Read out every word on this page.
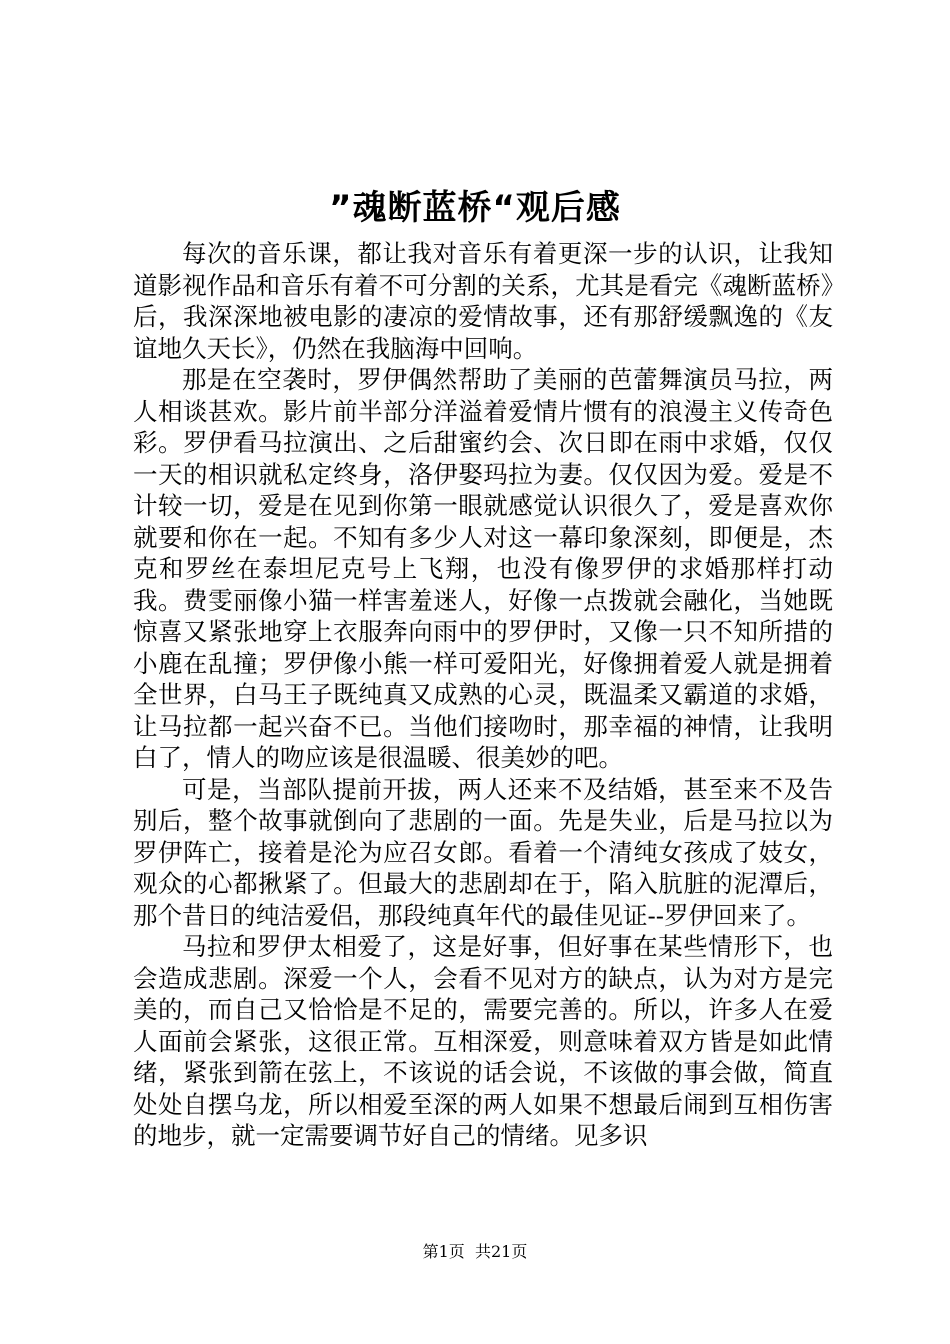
”魂断蓝桥“观后感

每次的音乐课，都让我对音乐有着更深一步的认识，让我知道影视作品和音乐有着不可分割的关系，尤其是看完《魂断蓝桥》后，我深深地被电影的凄凉的爱情故事，还有那舒缓飘逸的《友谊地久天长》，仍然在我脑海中回响。

那是在空袭时，罗伊偶然帮助了美丽的芭蕾舞演员马拉，两人相谈甚欢。影片前半部分洋溢着爱情片惯有的浪漫主义传奇色彩。罗伊看马拉演出、之后甜蜜约会、次日即在雨中求婚，仅仅一天的相识就私定终身，洛伊娶玛拉为妻。仅仅因为爱。爱是不计较一切，爱是在见到你第一眼就感觉认识很久了，爱是喜欢你就要和你在一起。不知有多少人对这一幕印象深刻，即便是，杰克和罗丝在泰坦尼克号上飞翔，也没有像罗伊的求婚那样打动我。费雯丽像小猫一样害羞迷人，好像一点拨就会融化，当她既惊喜又紧张地穿上衣服奔向雨中的罗伊时，又像一只不知所措的小鹿在乱撞；罗伊像小熊一样可爱阳光，好像拥着爱人就是拥着全世界，白马王子既纯真又成熟的心灵，既温柔又霸道的求婚，让马拉都一起兴奋不已。当他们接吻时，那幸福的神情，让我明白了，情人的吻应该是很温暖、很美妙的吧。

可是，当部队提前开拔，两人还来不及结婚，甚至来不及告别后，整个故事就倒向了悲剧的一面。先是失业，后是马拉以为罗伊阵亡，接着是沦为应召女郎。看着一个清纯女孩成了妓女，观众的心都揪紧了。但最大的悲剧却在于，陷入肮脏的泥潭后，那个昔日的纯洁爱侣，那段纯真年代的最佳见证--罗伊回来了。

马拉和罗伊太相爱了，这是好事，但好事在某些情形下，也会造成悲剧。深爱一个人，会看不见对方的缺点，认为对方是完美的，而自己又恰恰是不足的，需要完善的。所以，许多人在爱人面前会紧张，这很正常。互相深爱，则意味着双方皆是如此情绪，紧张到箭在弦上，不该说的话会说，不该做的事会做，简直处处自摆乌龙，所以相爱至深的两人如果不想最后闹到互相伤害的地步，就一定需要调节好自己的情绪。见多识

第1页 共21页
